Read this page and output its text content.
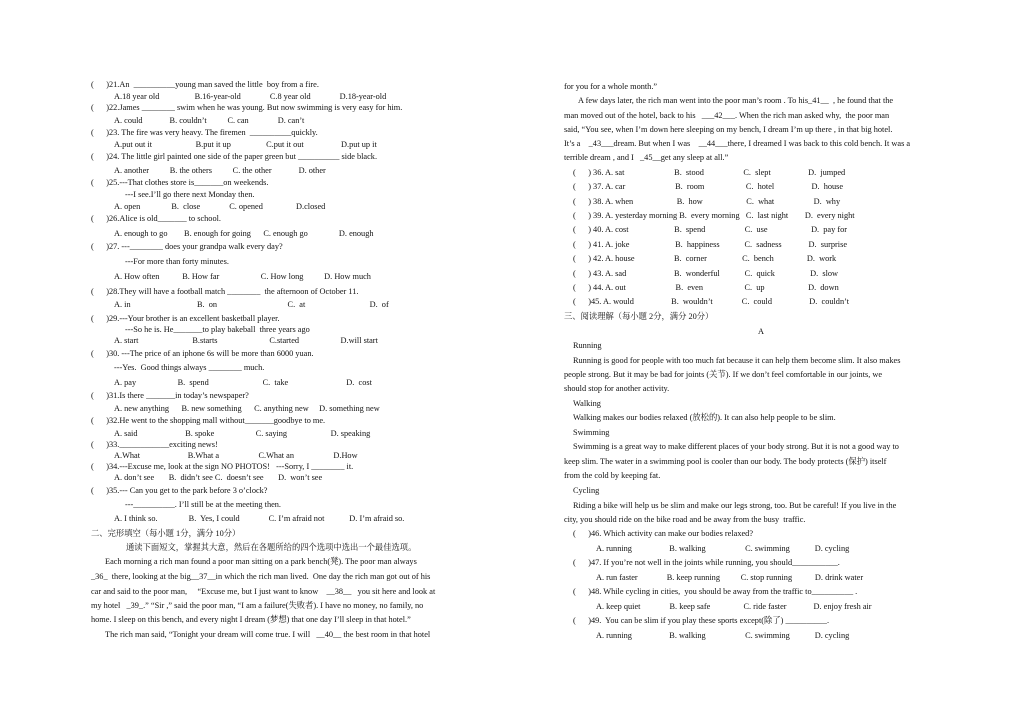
(      )21.An  __________young man saved the little  boy from a fire.
A.18 year old                 B.16-year-old              C.8 year old              D.18-year-old
(      )22.James ________ swim when he was young. But now swimming is very easy for him.
A. could             B. couldn’t          C. can              D. can’t
(      )23. The fire was very heavy. The firemen  __________quickly.
A.put out it                     B.put it up                 C.put it out                  D.put up it
(      )24. The little girl painted one side of the paper green but __________ side black.
A. another          B. the others          C. the other             D. other
(      )25.---That clothes store is_______on weekends.
---I see.I’ll go there next Monday then.
A. open               B.  close              C. opened                D.closed
(      )26.Alice is old_______ to school.
A. enough to go        B. enough for going      C. enough go               D. enough
(      )27. ---________ does your grandpa walk every day?
---For more than forty minutes.
A. How often           B. How far                    C. How long          D. How much
(      )28.They will have a football match ________  the afternoon of October 11.
A. in                                B.  on                                  C.  at                               D.  of
(      )29.---Your brother is an excellent basketball player.
---So he is. He_______to play bakeball  three years ago
A. start                          B.starts                         C.started                    D.will start
(      )30. ---The price of an iphone 6s will be more than 6000 yuan.
---Yes.  Good things always ________ much.
A. pay                    B.  spend                          C.  take                            D.  cost
(      )31.Is there _______in today’s newspaper?
A. new anything      B. new something      C. anything new     D. something new
(      )32.He went to the shopping mall without_______goodbye to me.
A. said                       B. spoke                    C. saying                     D. speaking
(      )33.____________exciting news!
A.What                       B.What a                   C.What an                   D.How
(      )34.---Excuse me, look at the sign NO PHOTOS!   ---Sorry, I ________ it.
A. don’t see       B.  didn’t see C.  doesn’t see       D.  won’t see
(      )35.--- Can you get to the park before 3 o’clock?
---__________. I’ll still be at the meeting then.
A. I think so.               B.  Yes, I could              C. I’m afraid not            D. I’m afraid so.
二、完形填空（每小题 1分，满分 10分）
通读下面短文，掌握其大意，然后在各题所给的四个选项中选出一个最佳选项。
Each morning a rich man found a poor man sitting on a park bench(凳). The poor man always
_36_  there, looking at the big__37__in which the rich man lived.  One day the rich man got out of his
car and said to the poor man,     “Excuse me, but I just want to know    __38__   you sit here and look at
my hotel   _39_.” “Sir ,” said the poor man, “I am a failure(失败者). I have no money, no family, no
home. I sleep on this bench, and every night I dream (梦想) that one day I’ll sleep in that hotel.”
The rich man said, “Tonight your dream will come true. I will   __40__ the best room in that hotel
for you for a whole month.”
A few days later, the rich man went into the poor man’s room . To his_41__  , he found that the
man moved out of the hotel, back to his   ___42___. When the rich man asked why,  the poor man
said, “You see, when I’m down here sleeping on my bench, I dream I’m up there , in that big hotel.
It’s a    _43___dream. But when I was    __44___there, I dreamed I was back to this cold bench. It was a
terrible dream , and I   _45__get any sleep at all.”
(      ) 36. A. sat                        B.  stood                   C.  slept                  D.  jumped
(      ) 37. A. car                        B.  room                    C.  hotel                  D.  house
(      ) 38. A. when                     B.  how                     C.  what                   D.  why
(      ) 39. A. yesterday morning B.  every morning   C.  last night        D.  every night
(      ) 40. A. cost                      B.  spend                   C.  use                     D.  pay for
(      ) 41. A. joke                      B.  happiness            C.  sadness             D.  surprise
(      ) 42. A. house                   B.  corner                 C.  bench                D.  work
(      ) 43. A. sad                       B.  wonderful            C.  quick                 D.  slow
(      ) 44. A. out                        B.  even                    C.  up                     D.  down
(      )45. A. would                  B.  wouldn’t              C.  could                  D.  couldn’t
三、阅读理解（每小题 2分，满分 20分）
A
Running
Running is good for people with too much fat because it can help them become slim. It also makes
people strong. But it may be bad for joints (关节). If we don’t feel comfortable in our joints, we
should stop for another activity.
Walking
Walking makes our bodies relaxed (放松的). It can also help people to be slim.
Swimming
Swimming is a great way to make different places of your body strong. But it is not a good way to
keep slim. The water in a swimming pool is cooler than our body. The body protects (保护) itself
from the cold by keeping fat.
Cycling
Riding a bike will help us be slim and make our legs strong, too. But be careful! If you live in the
city, you should ride on the bike road and be away from the busy  traffic.
(      )46. Which activity can make our bodies relaxed?
A. running                  B. walking                   C. swimming            D. cycling
(      )47. If you’re not well in the joints while running, you should___________.
A. run faster              B. keep running          C. stop running           D. drink water
(      )48. While cycling in cities,  you should be away from the traffic to__________ .
A. keep quiet              B. keep safe                C. ride faster             D. enjoy fresh air
(      )49.  You can be slim if you play these sports except(除了) __________.
A. running                  B. walking                   C. swimming            D. cycling
